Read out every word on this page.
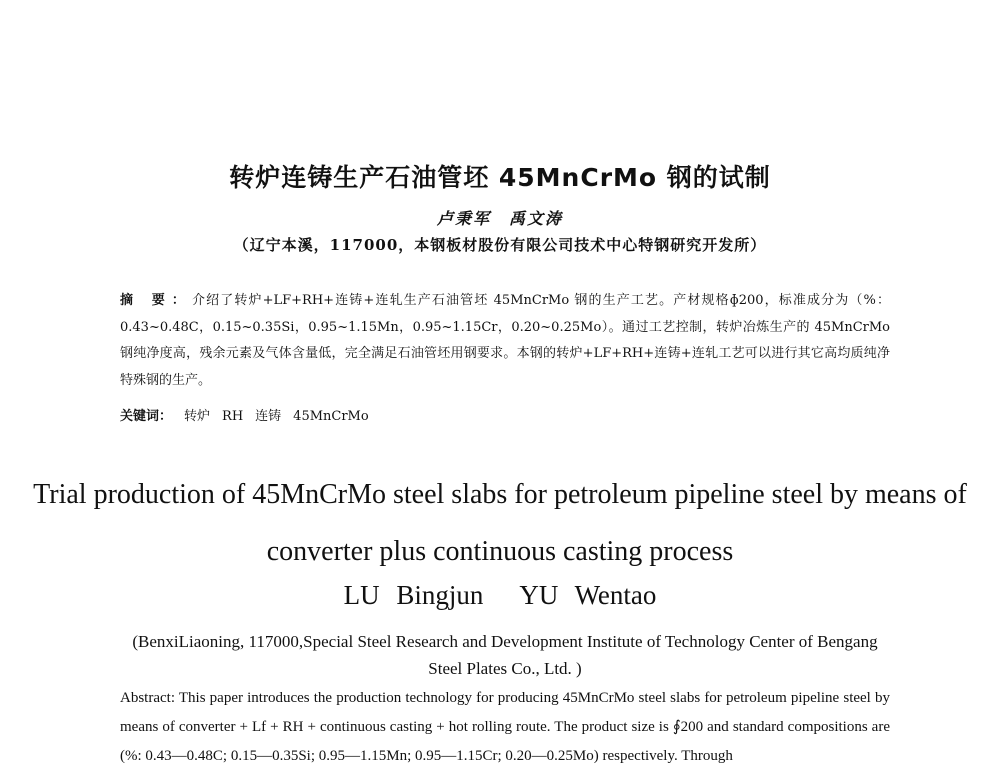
转炉连铸生产石油管坯 45MnCrMo 钢的试制
卢秉军　禹文涛
（辽宁本溪，117000，本钢板材股份有限公司技术中心特钢研究开发所）
摘 要：介绍了转炉+LF+RH+连铸+连轧生产石油管坯 45MnCrMo 钢的生产工艺。产材规格ɸ200，标准成分为（%：0.43~0.48C，0.15~0.35Si，0.95~1.15Mn，0.95~1.15Cr，0.20~0.25Mo）。通过工艺控制，转炉冶炼生产的 45MnCrMo 钢纯净度高，残余元素及气体含量低，完全满足石油管坯用钢要求。本钢的转炉+LF+RH+连铸+连轧工艺可以进行其它高均质纯净特殊钢的生产。
关键词： 转炉 RH 连铸 45MnCrMo
Trial production of 45MnCrMo steel slabs for petroleum pipeline steel by means of converter plus continuous casting process
LU Bingjun YU Wentao
(BenxiLiaoning, 117000,Special Steel Research and Development Institute of Technology Center of Bengang Steel Plates Co., Ltd. )
Abstract: This paper introduces the production technology for producing 45MnCrMo steel slabs for petroleum pipeline steel by means of converter + Lf + RH + continuous casting + hot rolling route. The product size is ∮200 and standard compositions are (%: 0.43—0.48C; 0.15—0.35Si; 0.95—1.15Mn; 0.95—1.15Cr; 0.20—0.25Mo) respectively. Through
